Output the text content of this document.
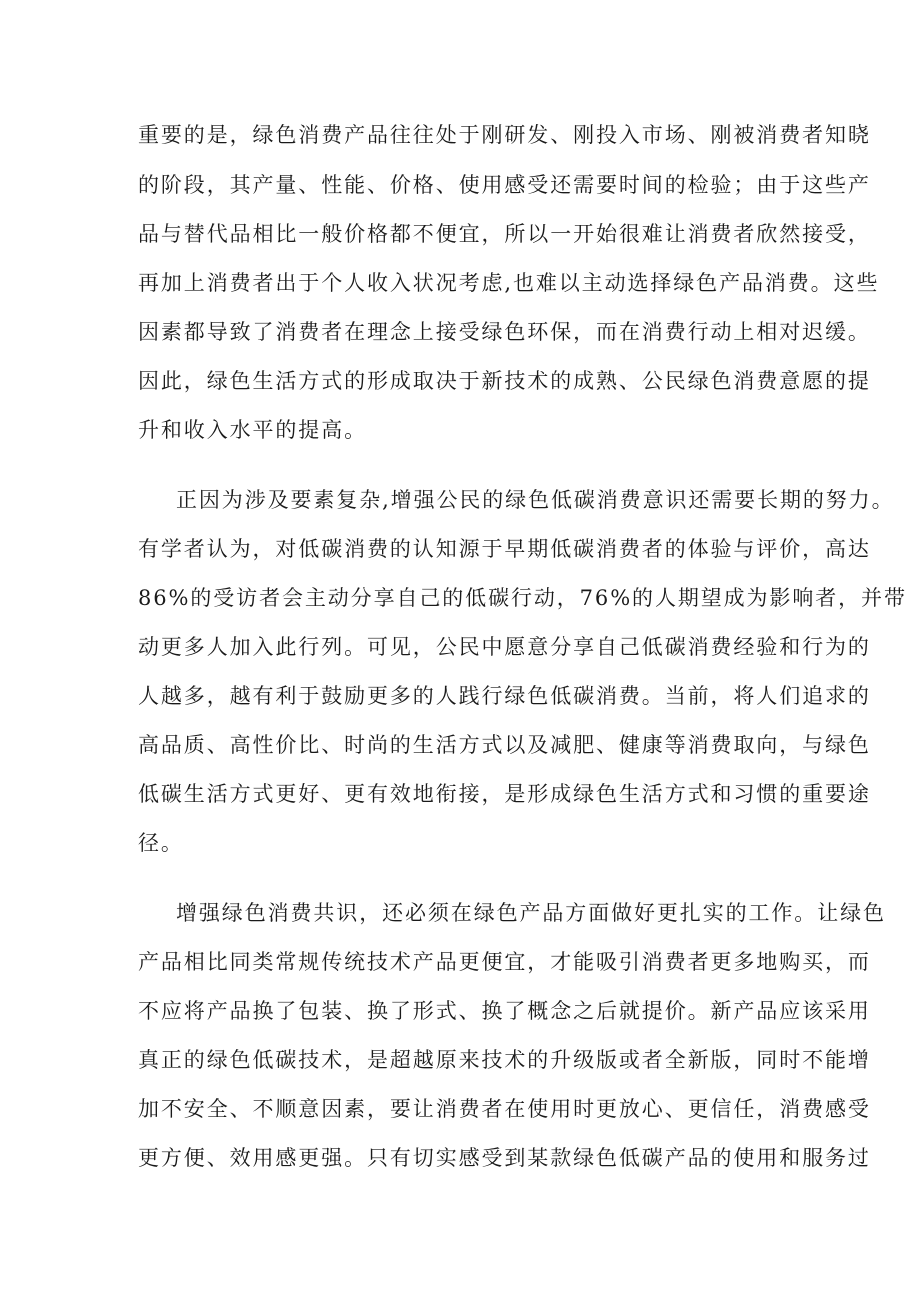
重要的是，绿色消费产品往往处于刚研发、刚投入市场、刚被消费者知晓
的阶段，其产量、性能、价格、使用感受还需要时间的检验；由于这些产
品与替代品相比一般价格都不便宜，所以一开始很难让消费者欣然接受，
再加上消费者出于个人收入状况考虑,也难以主动选择绿色产品消费。这些
因素都导致了消费者在理念上接受绿色环保，而在消费行动上相对迟缓。
因此，绿色生活方式的形成取决于新技术的成熟、公民绿色消费意愿的提
升和收入水平的提高。
正因为涉及要素复杂,增强公民的绿色低碳消费意识还需要长期的努力。
有学者认为，对低碳消费的认知源于早期低碳消费者的体验与评价，高达
86%的受访者会主动分享自己的低碳行动，76%的人期望成为影响者，并带
动更多人加入此行列。可见，公民中愿意分享自己低碳消费经验和行为的
人越多，越有利于鼓励更多的人践行绿色低碳消费。当前，将人们追求的
高品质、高性价比、时尚的生活方式以及减肥、健康等消费取向，与绿色
低碳生活方式更好、更有效地衔接，是形成绿色生活方式和习惯的重要途
径。
增强绿色消费共识，还必须在绿色产品方面做好更扎实的工作。让绿色
产品相比同类常规传统技术产品更便宜，才能吸引消费者更多地购买，而
不应将产品换了包装、换了形式、换了概念之后就提价。新产品应该采用
真正的绿色低碳技术，是超越原来技术的升级版或者全新版，同时不能增
加不安全、不顺意因素，要让消费者在使用时更放心、更信任，消费感受
更方便、效用感更强。只有切实感受到某款绿色低碳产品的使用和服务过
